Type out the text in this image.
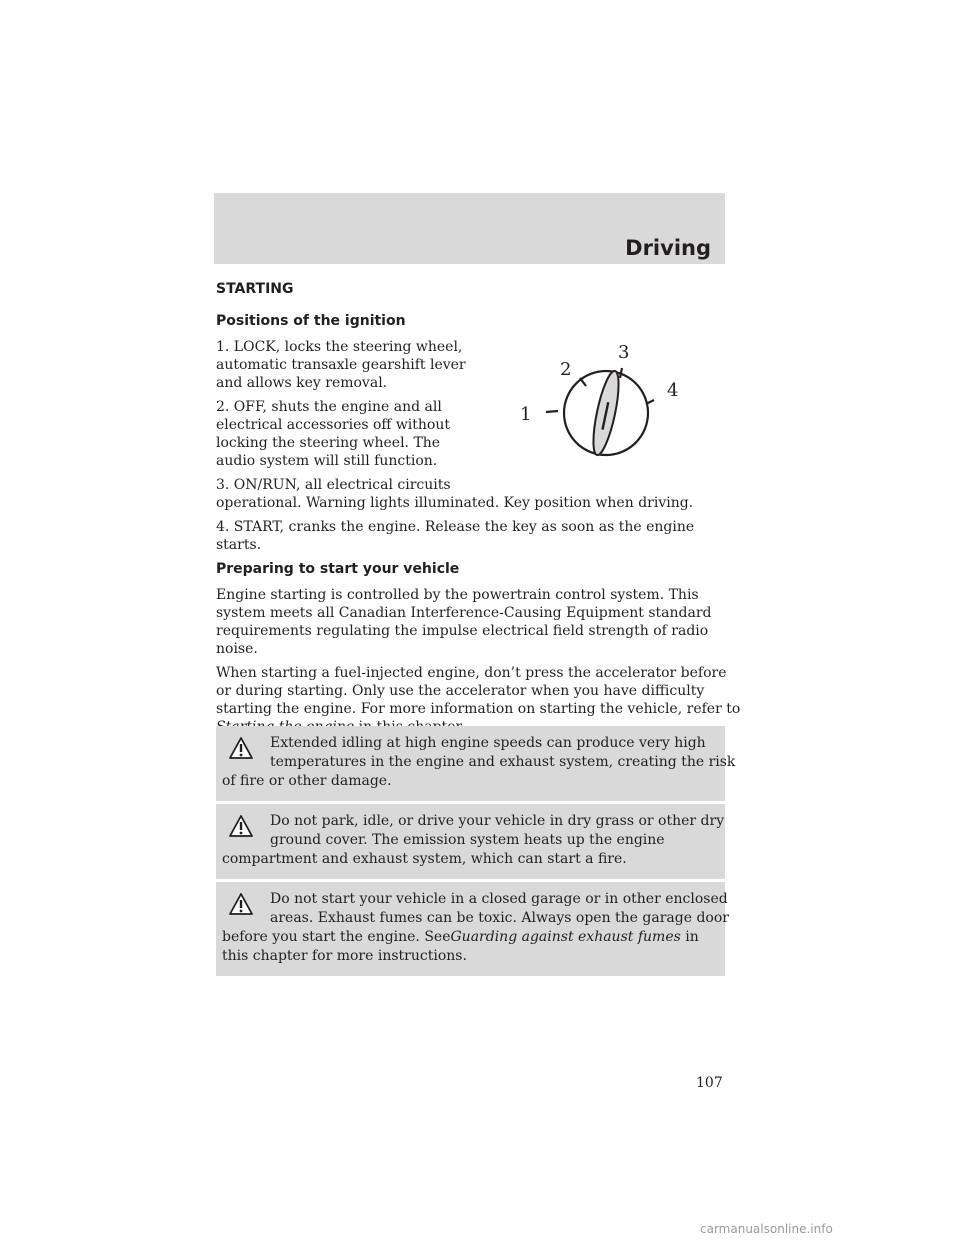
Driving
STARTING
Positions of the ignition
1. LOCK, locks the steering wheel,
automatic transaxle gearshift lever
and allows key removal.
2. OFF, shuts the engine and all
electrical accessories off without
locking the steering wheel. The
audio system will still function.
3. ON/RUN, all electrical circuits
operational. Warning lights illuminated. Key position when driving.
4. START, cranks the engine. Release the key as soon as the engine
starts.
1
2
3
4
Preparing to start your vehicle
Engine starting is controlled by the powertrain control system. This
system meets all Canadian Interference-Causing Equipment standard
requirements regulating the impulse electrical field strength of radio
noise.
When starting a fuel-injected engine, don’t press the accelerator before
or during starting. Only use the accelerator when you have difficulty
starting the engine. For more information on starting the vehicle, refer to
Extended idling at high engine speeds can produce very high
temperatures in the engine and exhaust system, creating the risk
of fire or other damage.
Do not park, idle, or drive your vehicle in dry grass or other dry
ground cover. The emission system heats up the engine
compartment and exhaust system, which can start a fire.
Do not start your vehicle in a closed garage or in other enclosed
areas. Exhaust fumes can be toxic. Always open the garage door
before you start the engine. SeeGuarding against exhaust fumes in
this chapter for more instructions.
107
carmanualsonline.info
